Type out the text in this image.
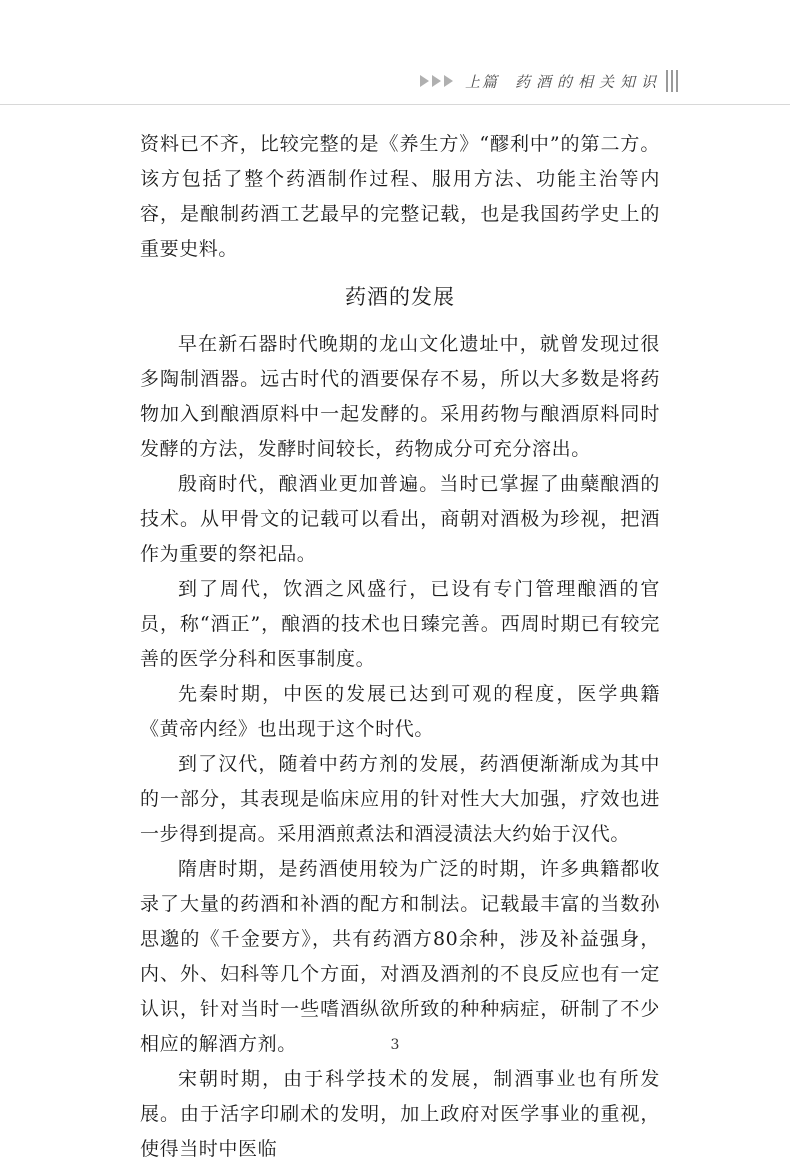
上篇 药酒的相关知识

资料已不齐，比较完整的是《养生方》“醪利中”的第二方。该方包括了整个药酒制作过程、服用方法、功能主治等内容，是酿制药酒工艺最早的完整记载，也是我国药学史上的重要史料。

药酒的发展

早在新石器时代晚期的龙山文化遗址中，就曾发现过很多陶制酒器。远古时代的酒要保存不易，所以大多数是将药物加入到酿酒原料中一起发酵的。采用药物与酿酒原料同时发酵的方法，发酵时间较长，药物成分可充分溶出。

殷商时代，酿酒业更加普遍。当时已掌握了曲蘖酿酒的技术。从甲骨文的记载可以看出，商朝对酒极为珍视，把酒作为重要的祭祀品。

到了周代，饮酒之风盛行，已设有专门管理酿酒的官员，称“酒正”，酿酒的技术也日臻完善。西周时期已有较完善的医学分科和医事制度。

先秦时期，中医的发展已达到可观的程度，医学典籍《黄帝内经》也出现于这个时代。

到了汉代，随着中药方剂的发展，药酒便渐渐成为其中的一部分，其表现是临床应用的针对性大大加强，疗效也进一步得到提高。采用酒煎煮法和酒浸渍法大约始于汉代。

隋唐时期，是药酒使用较为广泛的时期，许多典籍都收录了大量的药酒和补酒的配方和制法。记载最丰富的当数孙思邈的《千金要方》，共有药酒方80余种，涉及补益强身，内、外、妇科等几个方面，对酒及酒剂的不良反应也有一定认识，针对当时一些嗜酒纵欲所致的种种病症，研制了不少相应的解酒方剂。

宋朝时期，由于科学技术的发展，制酒事业也有所发展。由于活字印刷术的发明，加上政府对医学事业的重视，使得当时中医临

3
